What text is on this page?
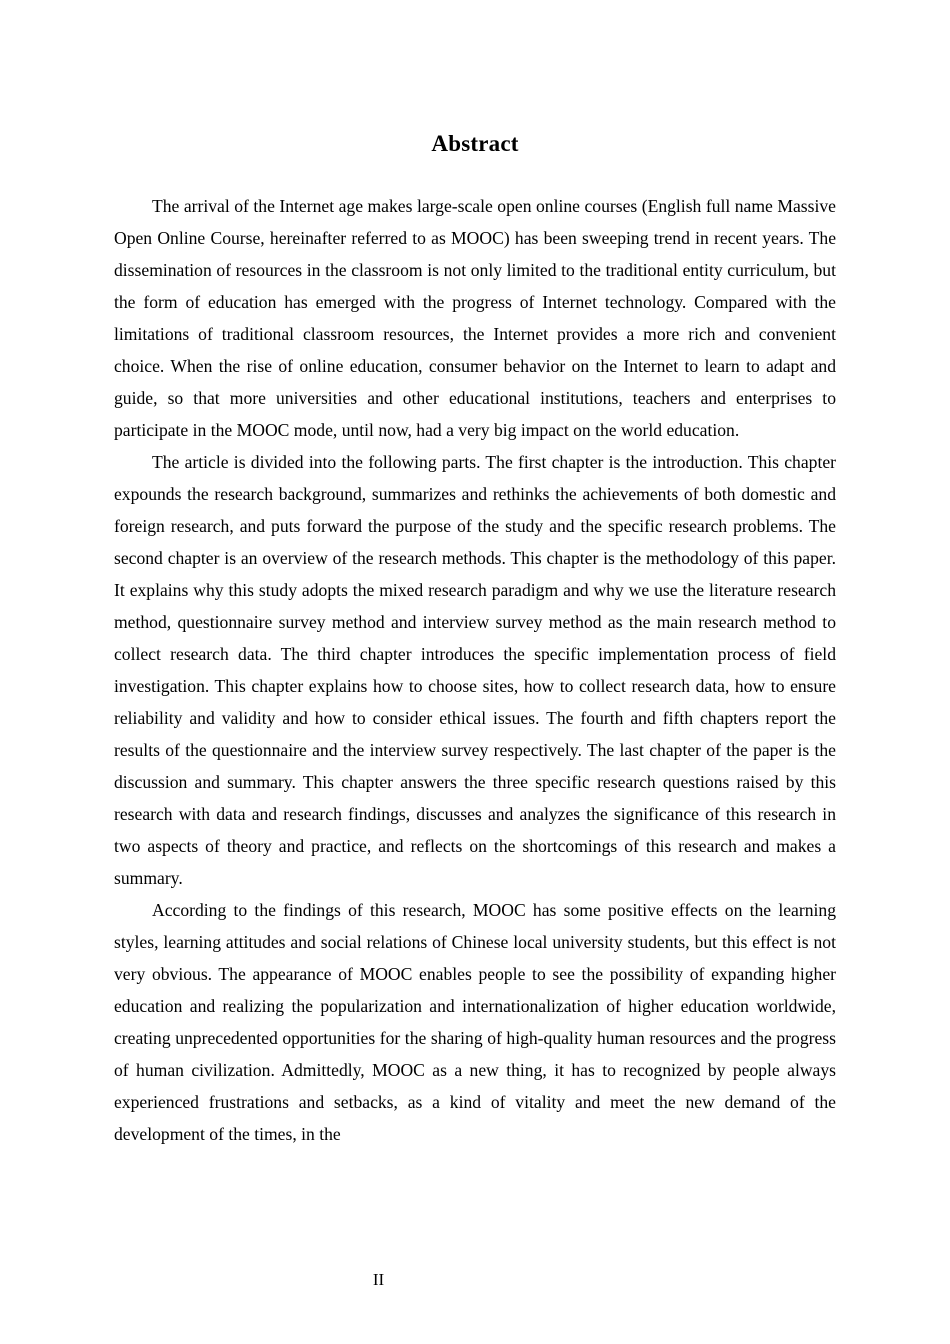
Abstract

The arrival of the Internet age makes large-scale open online courses (English full name Massive Open Online Course, hereinafter referred to as MOOC) has been sweeping trend in recent years. The dissemination of resources in the classroom is not only limited to the traditional entity curriculum, but the form of education has emerged with the progress of Internet technology. Compared with the limitations of traditional classroom resources, the Internet provides a more rich and convenient choice. When the rise of online education, consumer behavior on the Internet to learn to adapt and guide, so that more universities and other educational institutions, teachers and enterprises to participate in the MOOC mode, until now, had a very big impact on the world education.

The article is divided into the following parts. The first chapter is the introduction. This chapter expounds the research background, summarizes and rethinks the achievements of both domestic and foreign research, and puts forward the purpose of the study and the specific research problems. The second chapter is an overview of the research methods. This chapter is the methodology of this paper. It explains why this study adopts the mixed research paradigm and why we use the literature research method, questionnaire survey method and interview survey method as the main research method to collect research data. The third chapter introduces the specific implementation process of field investigation. This chapter explains how to choose sites, how to collect research data, how to ensure reliability and validity and how to consider ethical issues. The fourth and fifth chapters report the results of the questionnaire and the interview survey respectively. The last chapter of the paper is the discussion and summary. This chapter answers the three specific research questions raised by this research with data and research findings, discusses and analyzes the significance of this research in two aspects of theory and practice, and reflects on the shortcomings of this research and makes a summary.

According to the findings of this research, MOOC has some positive effects on the learning styles, learning attitudes and social relations of Chinese local university students, but this effect is not very obvious. The appearance of MOOC enables people to see the possibility of expanding higher education and realizing the popularization and internationalization of higher education worldwide, creating unprecedented opportunities for the sharing of high-quality human resources and the progress of human civilization. Admittedly, MOOC as a new thing, it has to recognized by people always experienced frustrations and setbacks, as a kind of vitality and meet the new demand of the development of the times, in the

II
